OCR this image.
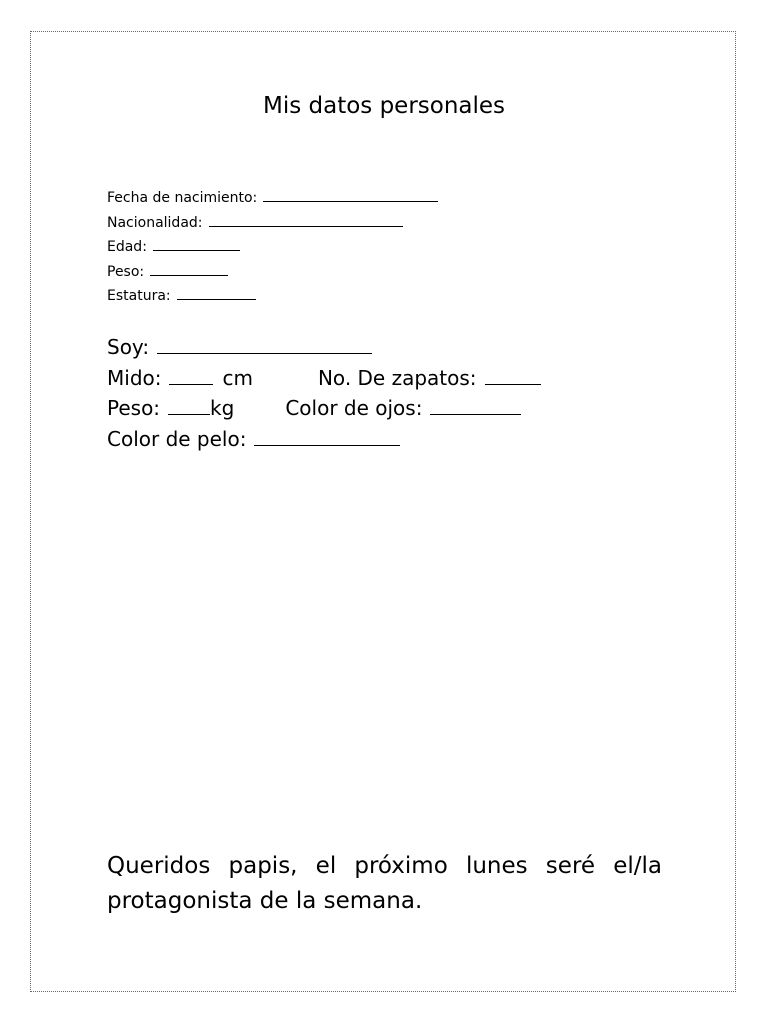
Mis datos personales
Fecha de nacimiento:
Nacionalidad:
Edad:
Peso:
Estatura:
Soy:
Mido:	cm	No. De zapatos:
Peso:	kg	Color de ojos:
Color de pelo:

Queridos papis, el próximo lunes seré el/la protagonista de la semana.
